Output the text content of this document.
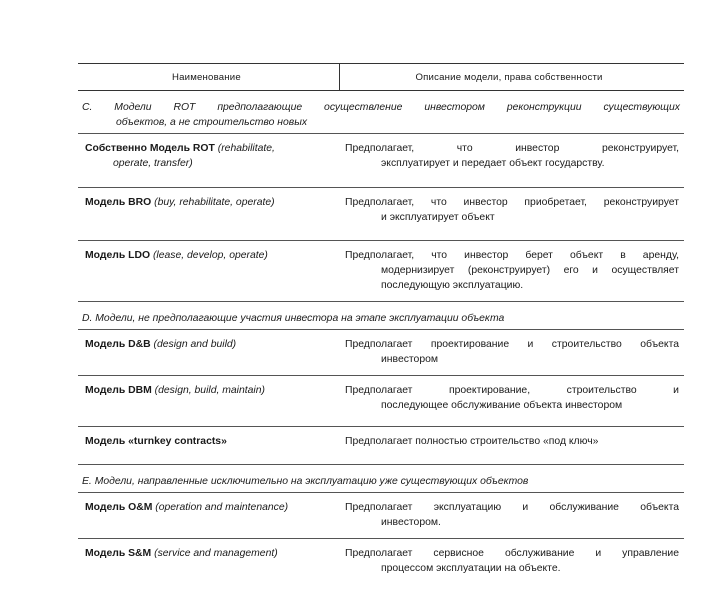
Наименование	Описание модели, права собственности

С. Модели ROT предполагающие осуществление инвестором реконструкции существующих
объектов, а не строительство новых	

Собственно Модель ROT (rehabilitate,
operate, transfer)	Предполагает, что инвестор реконструирует,
эксплуатирует и передает объект государству.

Модель BRO (buy, rehabilitate, operate)	Предполагает, что инвестор приобретает, реконструирует
и эксплуатирует объект

Модель LDO (lease, develop, operate)	Предполагает, что инвестор берет объект в аренду,
модернизирует (реконструирует) его и осуществляет последующую эксплуатацию.

D. Модели, не предполагающие участия инвестора на этапе эксплуатации объекта	
Модель D&B (design and build)	Предполагает проектирование и строительство объекта
инвестором

Модель DBM (design, build, maintain)	Предполагает проектирование, строительство и
последующее обслуживание объекта инвестором

Модель «turnkey contracts»	Предполагает полностью строительство «под ключ»
E. Модели, направленные исключительно на эксплуатацию уже существующих объектов	
Модель O&M (operation and maintenance)	Предполагает эксплуатацию и обслуживание объекта
инвестором.

Модель S&M (service and management)	Предполагает сервисное обслуживание и управление
процессом эксплуатации на объекте.
